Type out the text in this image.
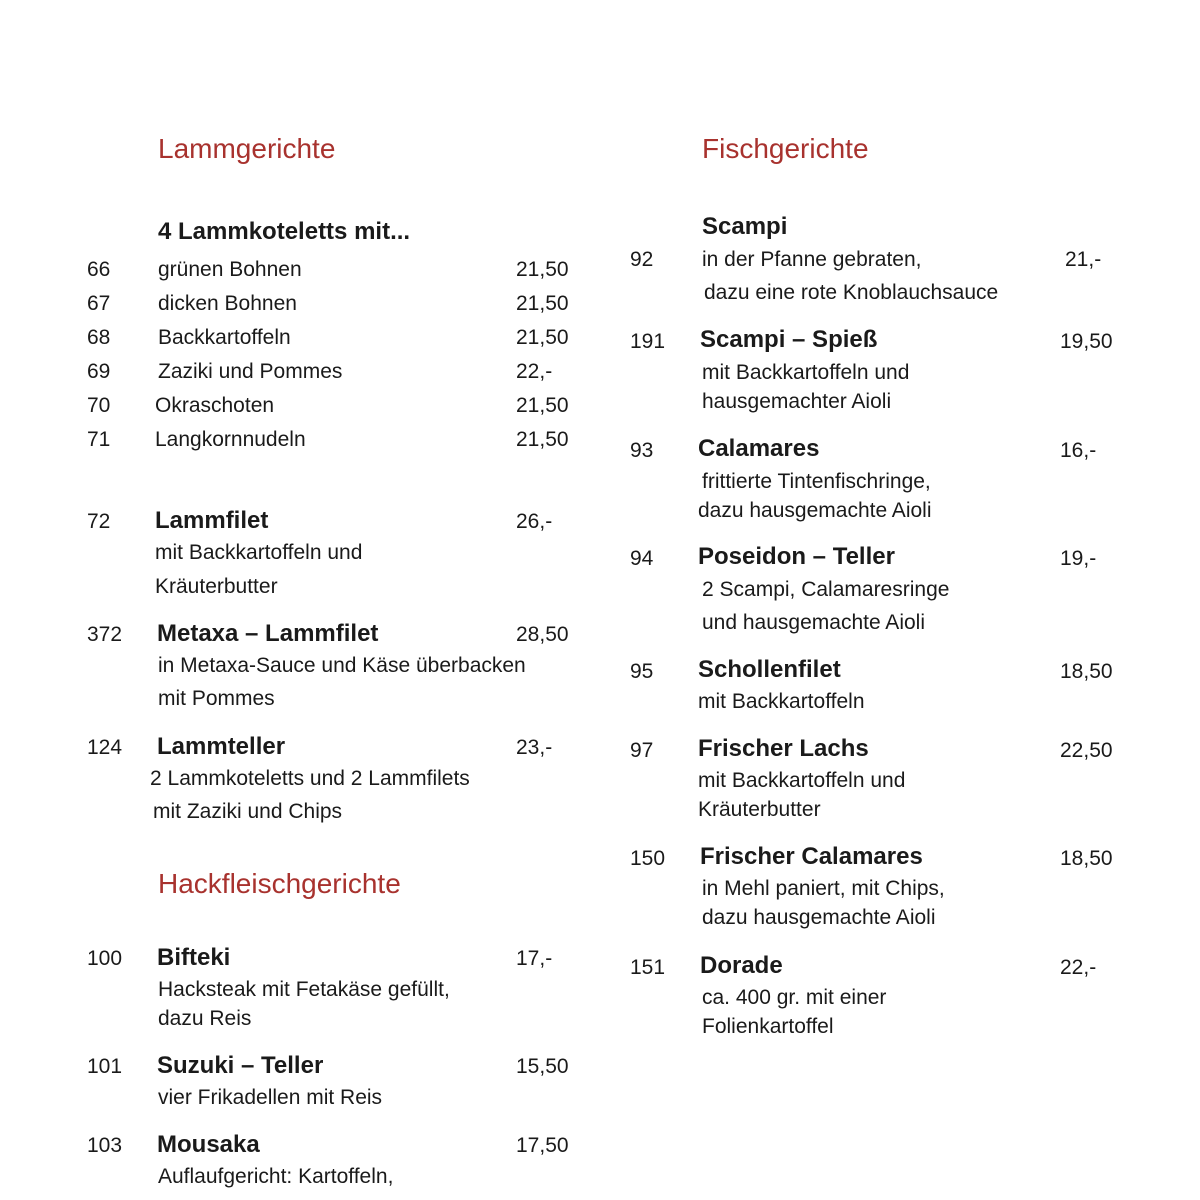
Lammgerichte
4 Lammkoteletts mit...
66 grünen Bohnen	21,50
67 dicken Bohnen	21,50
68 Backkartoffeln	21,50
69 Zaziki und Pommes	22,-
70 Okraschoten	21,50
71 Langkornnudeln	21,50
72 Lammfilet	26,-
mit Backkartoffeln und
Kräuterbutter
372 Metaxa – Lammfilet	28,50
in Metaxa-Sauce und Käse überbacken
mit Pommes
124 Lammteller	23,-
2 Lammkoteletts und 2 Lammfilets
mit Zaziki und Chips
Hackfleischgerichte
100 Bifteki	17,-
Hacksteak mit Fetakäse gefüllt,
dazu Reis
101 Suzuki – Teller	15,50
vier Frikadellen mit Reis
103 Mousaka	17,50
Auflaufgericht: Kartoffeln,
Fischgerichte
Scampi
92 in der Pfanne gebraten,	21,-
dazu eine rote Knoblauchsauce
191 Scampi – Spieß	19,50
mit Backkartoffeln und
hausgemachter Aioli
93 Calamares	16,-
frittierte Tintenfischringe,
dazu hausgemachte Aioli
94 Poseidon – Teller	19,-
2 Scampi, Calamaresringe
und hausgemachte Aioli
95 Schollenfilet	18,50
mit Backkartoffeln
97 Frischer Lachs	22,50
mit Backkartoffeln und
Kräuterbutter
150 Frischer Calamares	18,50
in Mehl paniert, mit Chips,
dazu hausgemachte Aioli
151 Dorade	22,-
ca. 400 gr. mit einer
Folienkartoffel
